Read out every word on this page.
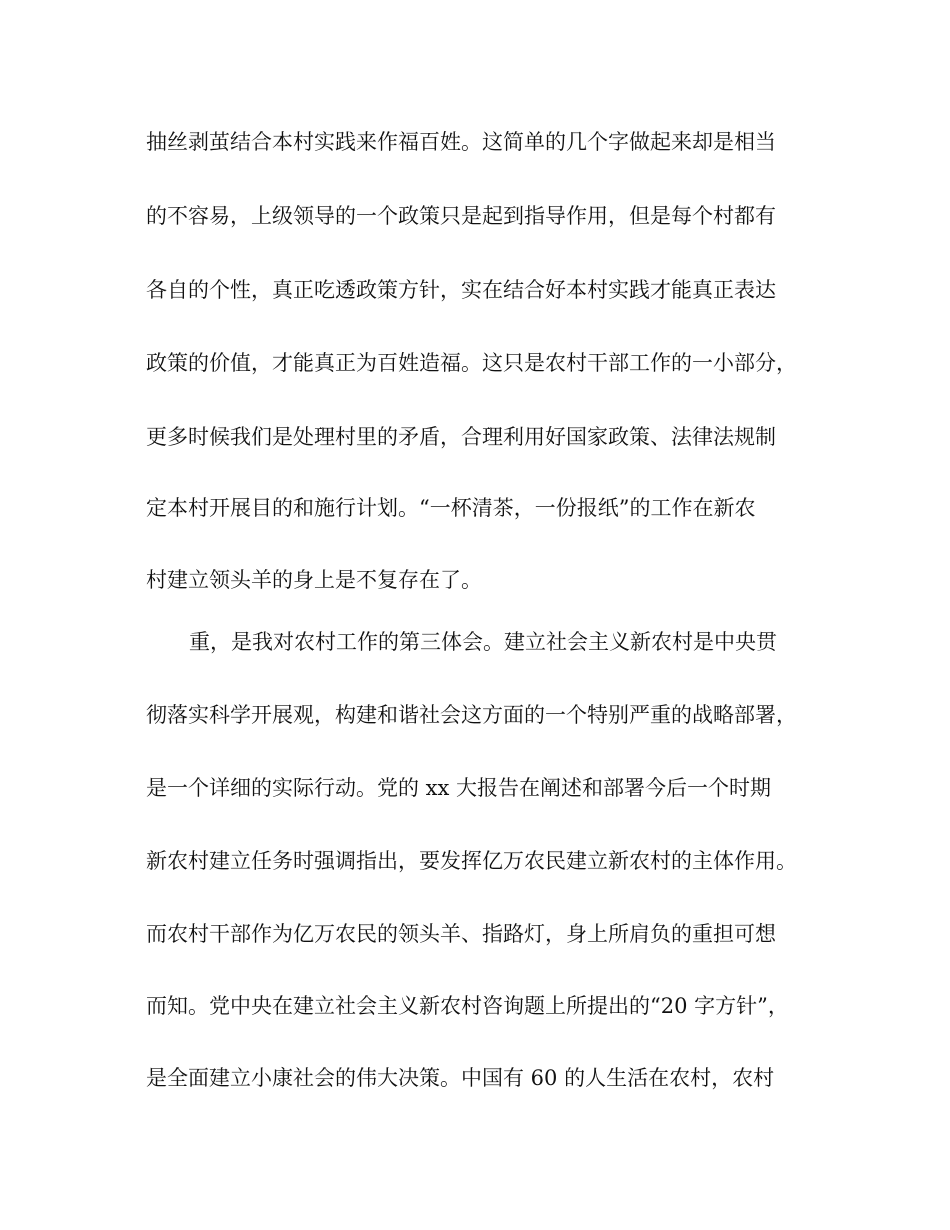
抽丝剥茧结合本村实践来作福百姓。这简单的几个字做起来却是相当
的不容易，上级领导的一个政策只是起到指导作用，但是每个村都有
各自的个性，真正吃透政策方针，实在结合好本村实践才能真正表达
政策的价值，才能真正为百姓造福。这只是农村干部工作的一小部分，
更多时候我们是处理村里的矛盾，合理利用好国家政策、法律法规制
定本村开展目的和施行计划。“一杯清茶，一份报纸”的工作在新农
村建立领头羊的身上是不复存在了。
重，是我对农村工作的第三体会。建立社会主义新农村是中央贯
彻落实科学开展观，构建和谐社会这方面的一个特别严重的战略部署，
是一个详细的实际行动。党的 xx 大报告在阐述和部署今后一个时期
新农村建立任务时强调指出，要发挥亿万农民建立新农村的主体作用。
而农村干部作为亿万农民的领头羊、指路灯，身上所肩负的重担可想
而知。党中央在建立社会主义新农村咨询题上所提出的“20 字方针”，
是全面建立小康社会的伟大决策。中国有 60 的人生活在农村，农村
